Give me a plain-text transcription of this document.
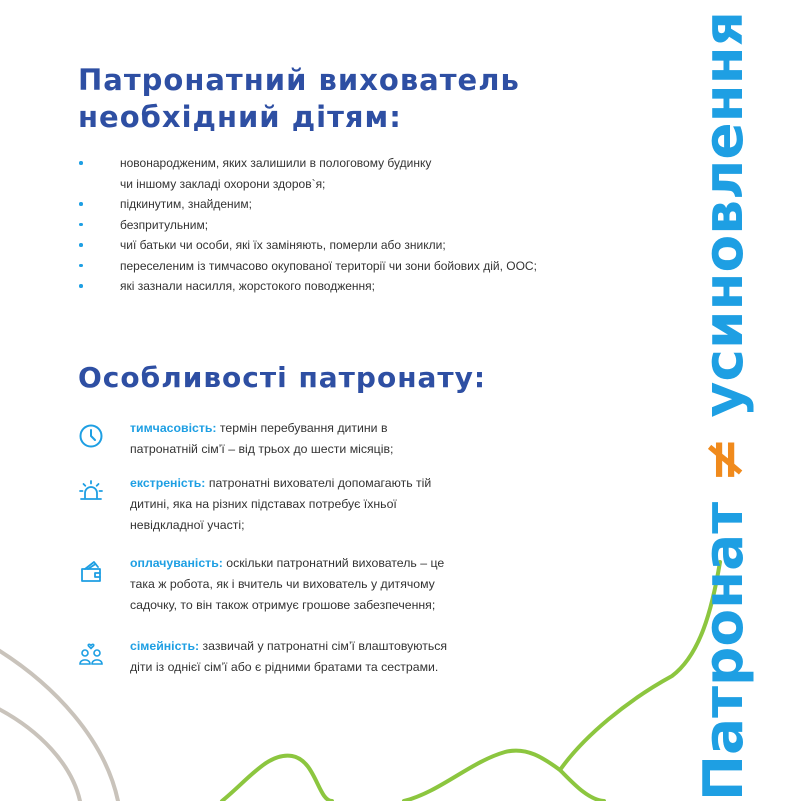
Патронатний вихователь
необхідний дітям:
новонародженим, яких залишили в пологовому будинку
чи іншому закладі охорони здоров`я;
підкинутим, знайденим;
безпритульним;
чиї батьки чи особи, які їх заміняють, померли або зникли;
переселеним із тимчасово окупованої території чи зони бойових дій, ООС;
які зазнали насилля, жорстокого поводження;
Особливості патронату:
тимчасовість: термін перебування дитини в
патронатній сім’ї – від трьох до шести місяців;
екстреність: патронатні вихователі допомагають тій
дитині, яка на різних підставах потребує їхньої
невідкладної участі;
оплачуваність: оскільки патронатний вихователь – це
така ж робота, як і вчитель чи вихователь у дитячому
садочку, то він також отримує грошове забезпечення;
сімейність: зазвичай у патронатні сім’ї влаштовуються
діти із однієї сім’ї або є рідними братами та сестрами.	Патронат ≠ усиновлення
